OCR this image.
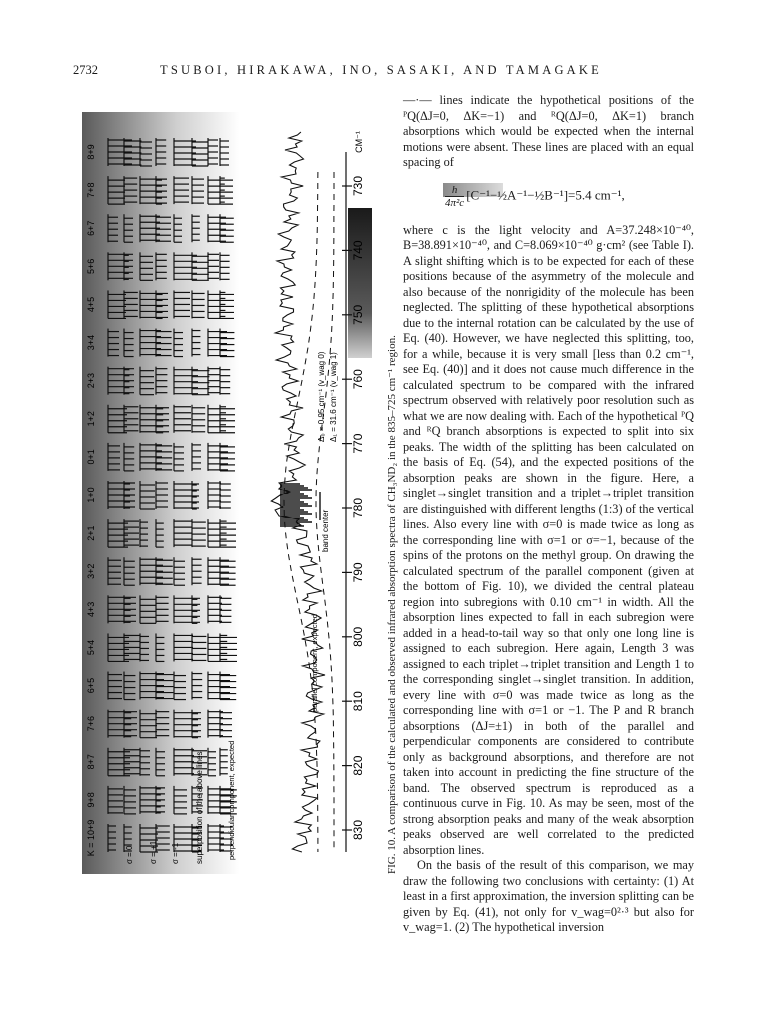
2732	TSUBOI, HIRAKAWA, INO, SASAKI, AND TAMAGAKE
K = 10+9
9+8
8+7
7+6
6+5
5+4
4+3
3+2
2+1
1+0
0+1
1+2
2+3
3+4
4+5
5+6
6+7
7+8
8+9
band center
830
820
810
800
790
780
770
760
750
740
730
CM⁻¹
σ = 0 σ = +1 σ = -1 superposition of the above lines	perpendicular component, expected
parallel component, expected
Δ₀ = 0.95 cm⁻¹ (v_wag 0) Δ₁ = 31.6 cm⁻¹ (v_wag 1)	FIG. 10. A comparison of the calculated and observed infrared absorption spectra of CH₃ND₂ in the 835–725 cm⁻¹ region.

—·— lines indicate the hypothetical positions of the ᴾQ(ΔJ=0, ΔK=−1) and ᴿQ(ΔJ=0, ΔK=1) branch absorptions which would be expected when the internal motions were absent. These lines are placed with an equal spacing of

$\frac{h}{\text{4π²c}}$ [C⁻¹−½A⁻¹−½B⁻¹]=5.4 cm⁻¹,

where c is the light velocity and A=37.248×10⁻⁴⁰, B=38.891×10⁻⁴⁰, and C=8.069×10⁻⁴⁰ g·cm² (see Table I). A slight shifting which is to be expected for each of these positions because of the asymmetry of the molecule and also because of the nonrigidity of the molecule has been neglected. The splitting of these hypothetical absorptions due to the internal rotation can be calculated by the use of Eq. (40). However, we have neglected this splitting, too, for a while, because it is very small [less than 0.2 cm⁻¹, see Eq. (40)] and it does not cause much difference in the calculated spectrum to be compared with the infrared spectrum observed with relatively poor resolution such as what we are now dealing with. Each of the hypothetical ᴾQ and ᴿQ branch absorptions is expected to split into six peaks. The width of the splitting has been calculated on the basis of Eq. (54), and the expected positions of the absorption peaks are shown in the figure. Here, a singlet→singlet transition and a triplet→triplet transition are distinguished with different lengths (1:3) of the vertical lines. Also every line with σ=0 is made twice as long as the corresponding line with σ=1 or σ=−1, because of the spins of the protons on the methyl group. On drawing the calculated spectrum of the parallel component (given at the bottom of Fig. 10), we divided the central plateau region into subregions with 0.10 cm⁻¹ in width. All the absorption lines expected to fall in each subregion were added in a head-to-tail way so that only one long line is assigned to each subregion. Here again, Length 3 was assigned to each triplet→triplet transition and Length 1 to the corresponding singlet→singlet transition. In addition, every line with σ=0 was made twice as long as the corresponding line with σ=1 or −1. The P and R branch absorptions (ΔJ=±1) in both of the parallel and perpendicular components are considered to contribute only as background absorptions, and therefore are not taken into account in predicting the fine structure of the band. The observed spectrum is reproduced as a continuous curve in Fig. 10. As may be seen, most of the strong absorption peaks and many of the weak absorption peaks observed are well correlated to the predicted absorption lines.

On the basis of the result of this comparison, we may draw the following two conclusions with certainty: (1) At least in a first approximation, the inversion splitting can be given by Eq. (41), not only for v_wag=0²·³ but also for v_wag=1. (2) The hypothetical inversion
